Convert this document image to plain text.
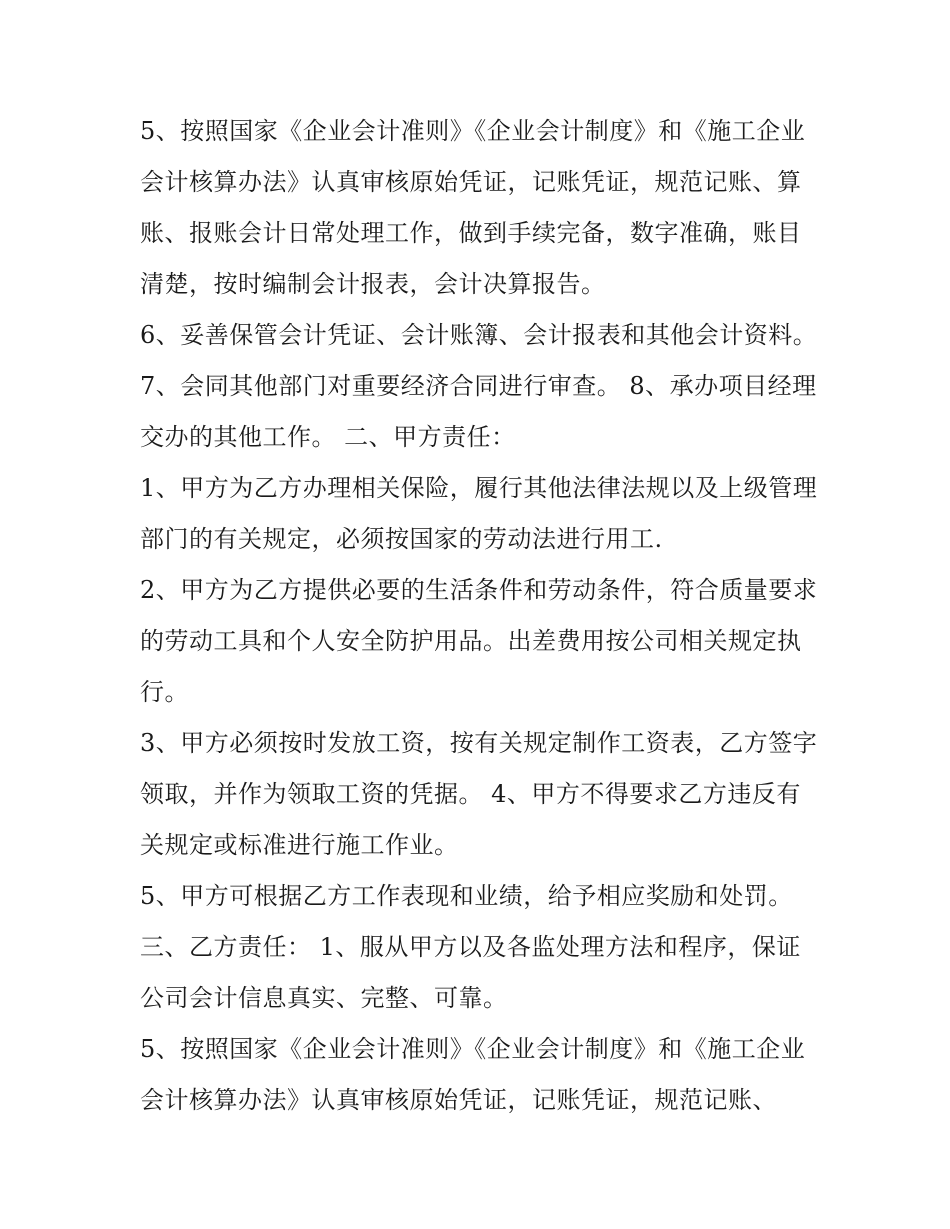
5、按照国家《企业会计准则》《企业会计制度》和《施工企业会计核算办法》认真审核原始凭证，记账凭证，规范记账、算账、报账会计日常处理工作，做到手续完备，数字准确，账目清楚，按时编制会计报表，会计决算报告。

6、妥善保管会计凭证、会计账簿、会计报表和其他会计资料。 7、会同其他部门对重要经济合同进行审查。 8、承办项目经理交办的其他工作。 二、甲方责任：

1、甲方为乙方办理相关保险，履行其他法律法规以及上级管理部门的有关规定，必须按国家的劳动法进行用工.

2、甲方为乙方提供必要的生活条件和劳动条件，符合质量要求的劳动工具和个人安全防护用品。出差费用按公司相关规定执行。

3、甲方必须按时发放工资，按有关规定制作工资表，乙方签字领取，并作为领取工资的凭据。 4、甲方不得要求乙方违反有关规定或标准进行施工作业。

5、甲方可根据乙方工作表现和业绩，给予相应奖励和处罚。

三、乙方责任： 1、服从甲方以及各监处理方法和程序，保证公司会计信息真实、完整、可靠。

5、按照国家《企业会计准则》《企业会计制度》和《施工企业会计核算办法》认真审核原始凭证，记账凭证，规范记账、
